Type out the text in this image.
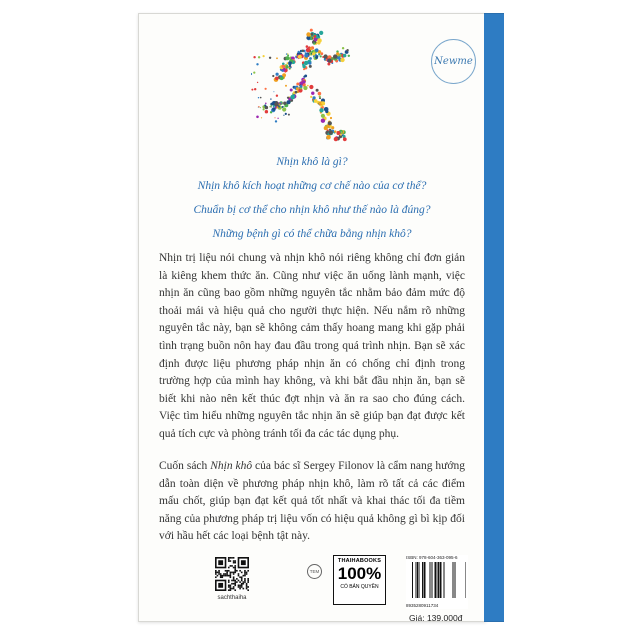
Newme
Nhịn khô là gì?
Nhịn khô kích hoạt những cơ chế nào của cơ thể?
Chuẩn bị cơ thể cho nhịn khô như thế nào là đúng?
Những bệnh gì có thể chữa bằng nhịn khô?
Nhịn trị liệu nói chung và nhịn khô nói riêng không chỉ đơn giản là kiêng khem thức ăn. Cũng như việc ăn uống lành mạnh, việc nhịn ăn cũng bao gồm những nguyên tắc nhằm bảo đảm mức độ thoải mái và hiệu quả cho người thực hiện. Nếu nắm rõ những nguyên tắc này, bạn sẽ không cảm thấy hoang mang khi gặp phải tình trạng buồn nôn hay đau đầu trong quá trình nhịn. Bạn sẽ xác định được liệu phương pháp nhịn ăn có chống chỉ định trong trường hợp của mình hay không, và khi bắt đầu nhịn ăn, bạn sẽ biết khi nào nên kết thúc đợt nhịn và ăn ra sao cho đúng cách. Việc tìm hiểu những nguyên tắc nhịn ăn sẽ giúp bạn đạt được kết quả tích cực và phòng tránh tối đa các tác dụng phụ.
Cuốn sách Nhịn khô của bác sĩ Sergey Filonov là cẩm nang hướng dẫn toàn diện về phương pháp nhịn khô, làm rõ tất cả các điểm mấu chốt, giúp bạn đạt kết quả tốt nhất và khai thác tối đa tiềm năng của phương pháp trị liệu vốn có hiệu quả không gì bì kịp đối với hầu hết các loại bệnh tật này.
sachthaiha
TEM
THAIHABOOKS
100%
CÓ BẢN QUYỀN
ISBN: 978-604-363-095-6
8935280911734
Giá: 139.000đ
